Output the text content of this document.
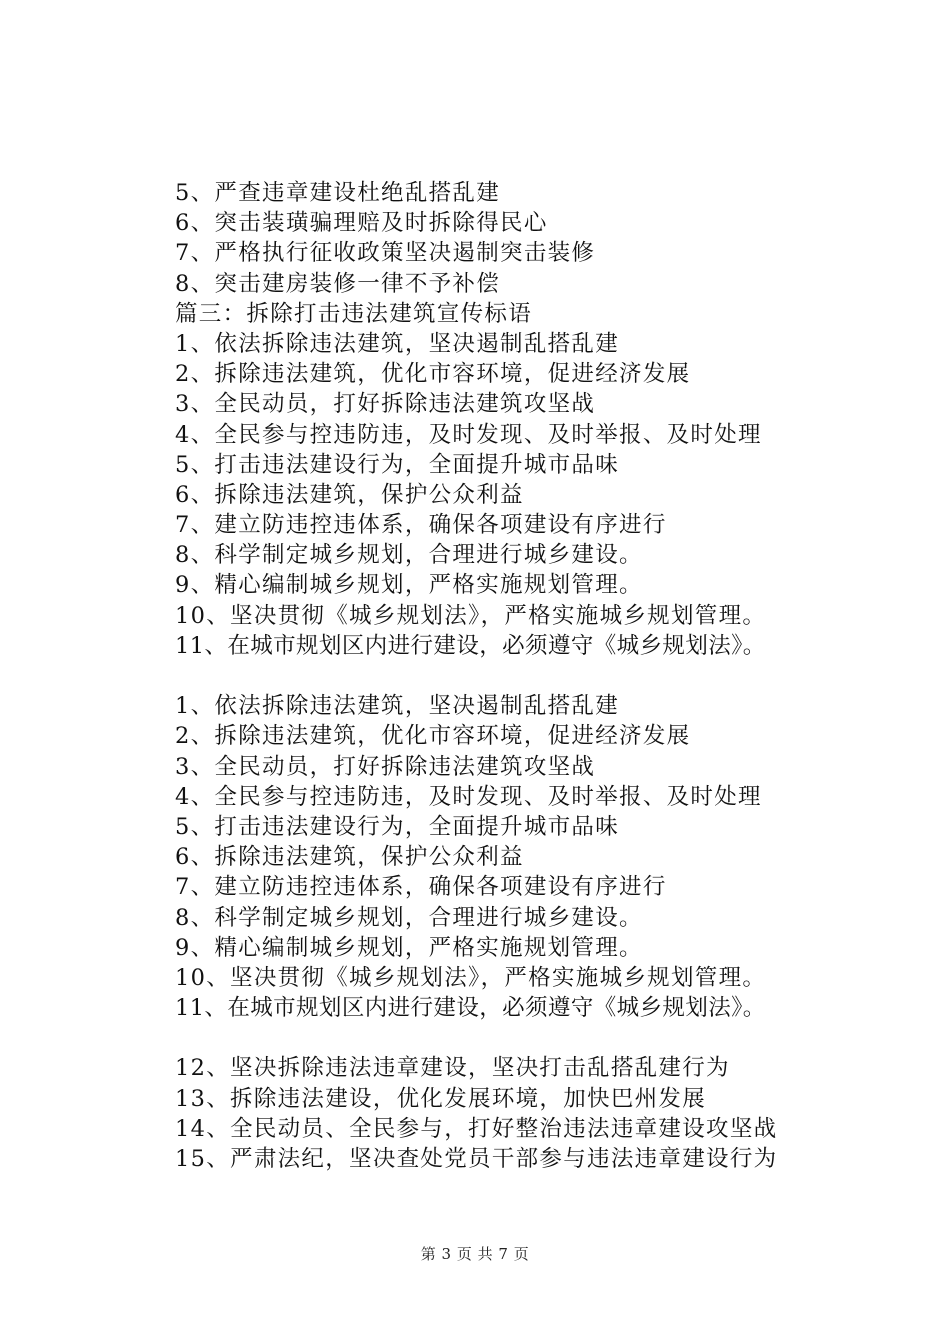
5、严查违章建设杜绝乱搭乱建
6、突击装璜骗理赔及时拆除得民心
7、严格执行征收政策坚决遏制突击装修
8、突击建房装修一律不予补偿
篇三：拆除打击违法建筑宣传标语
1、依法拆除违法建筑，坚决遏制乱搭乱建
2、拆除违法建筑，优化市容环境，促进经济发展
3、全民动员，打好拆除违法建筑攻坚战
4、全民参与控违防违，及时发现、及时举报、及时处理
5、打击违法建设行为，全面提升城市品味
6、拆除违法建筑，保护公众利益
7、建立防违控违体系，确保各项建设有序进行
8、科学制定城乡规划，合理进行城乡建设。
9、精心编制城乡规划，严格实施规划管理。
10、坚决贯彻《城乡规划法》，严格实施城乡规划管理。
11、在城市规划区内进行建设，必须遵守《城乡规划法》。
1、依法拆除违法建筑，坚决遏制乱搭乱建
2、拆除违法建筑，优化市容环境，促进经济发展
3、全民动员，打好拆除违法建筑攻坚战
4、全民参与控违防违，及时发现、及时举报、及时处理
5、打击违法建设行为，全面提升城市品味
6、拆除违法建筑，保护公众利益
7、建立防违控违体系，确保各项建设有序进行
8、科学制定城乡规划，合理进行城乡建设。
9、精心编制城乡规划，严格实施规划管理。
10、坚决贯彻《城乡规划法》，严格实施城乡规划管理。
11、在城市规划区内进行建设，必须遵守《城乡规划法》。
12、坚决拆除违法违章建设，坚决打击乱搭乱建行为
13、拆除违法建设，优化发展环境，加快巴州发展
14、全民动员、全民参与，打好整治违法违章建设攻坚战
15、严肃法纪，坚决查处党员干部参与违法违章建设行为
第 3 页 共 7 页
